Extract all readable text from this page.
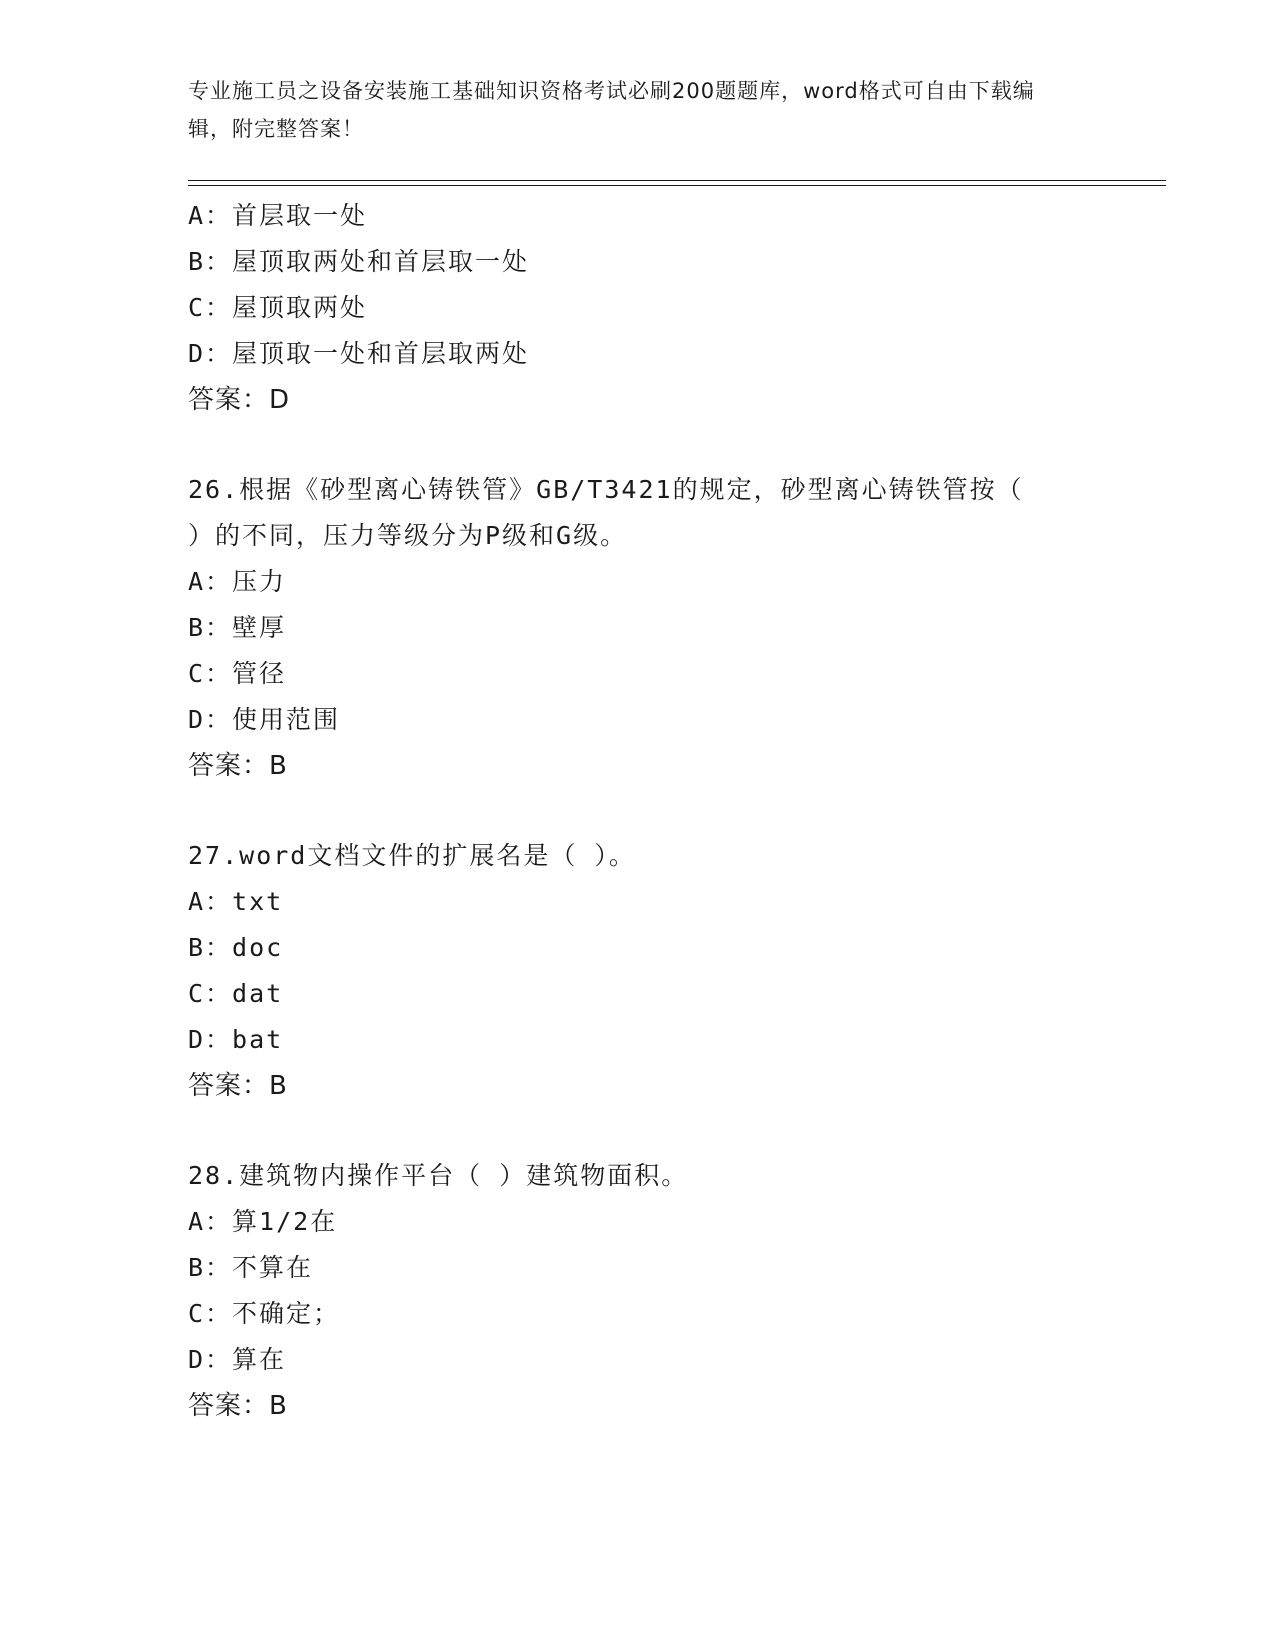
专业施工员之设备安装施工基础知识资格考试必刷200题题库，word格式可自由下载编辑，附完整答案！
A：首层取一处
B：屋顶取两处和首层取一处
C：屋顶取两处
D：屋顶取一处和首层取两处
答案：D
26.根据《砂型离心铸铁管》GB/T3421的规定，砂型离心铸铁管按（
）的不同，压力等级分为P级和G级。
A：压力
B：壁厚
C：管径
D：使用范围
答案：B
27.word文档文件的扩展名是（ ）。
A：txt
B：doc
C：dat
D：bat
答案：B
28.建筑物内操作平台（ ）建筑物面积。
A：算1/2在
B：不算在
C：不确定；
D：算在
答案：B
